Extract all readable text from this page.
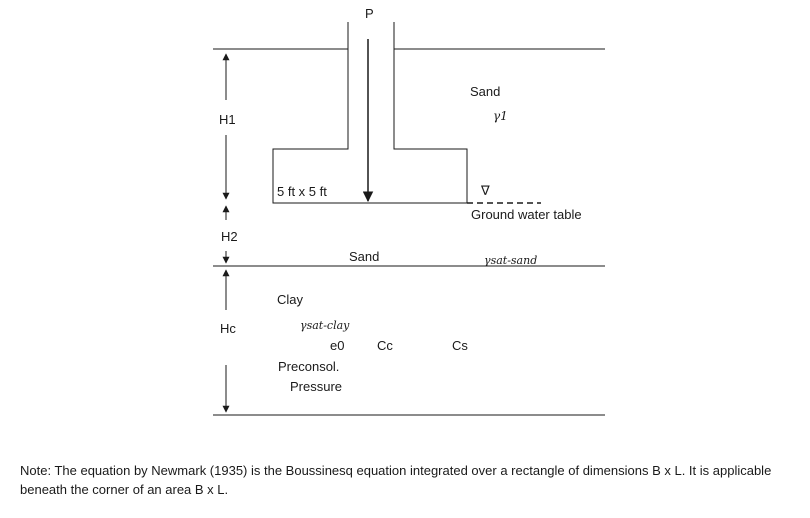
P
5 ft x 5 ft
H1
H2
Hc
Sand
γ1
∇
Ground water table
Sand	γsat-sand
Clay
γsat-clay
e0	Cc	Cs
Preconsol.
Pressure
Note: The equation by Newmark (1935) is the Boussinesq equation integrated over a rectangle of dimensions B x L. It is applicable beneath the corner of an area B x L.
